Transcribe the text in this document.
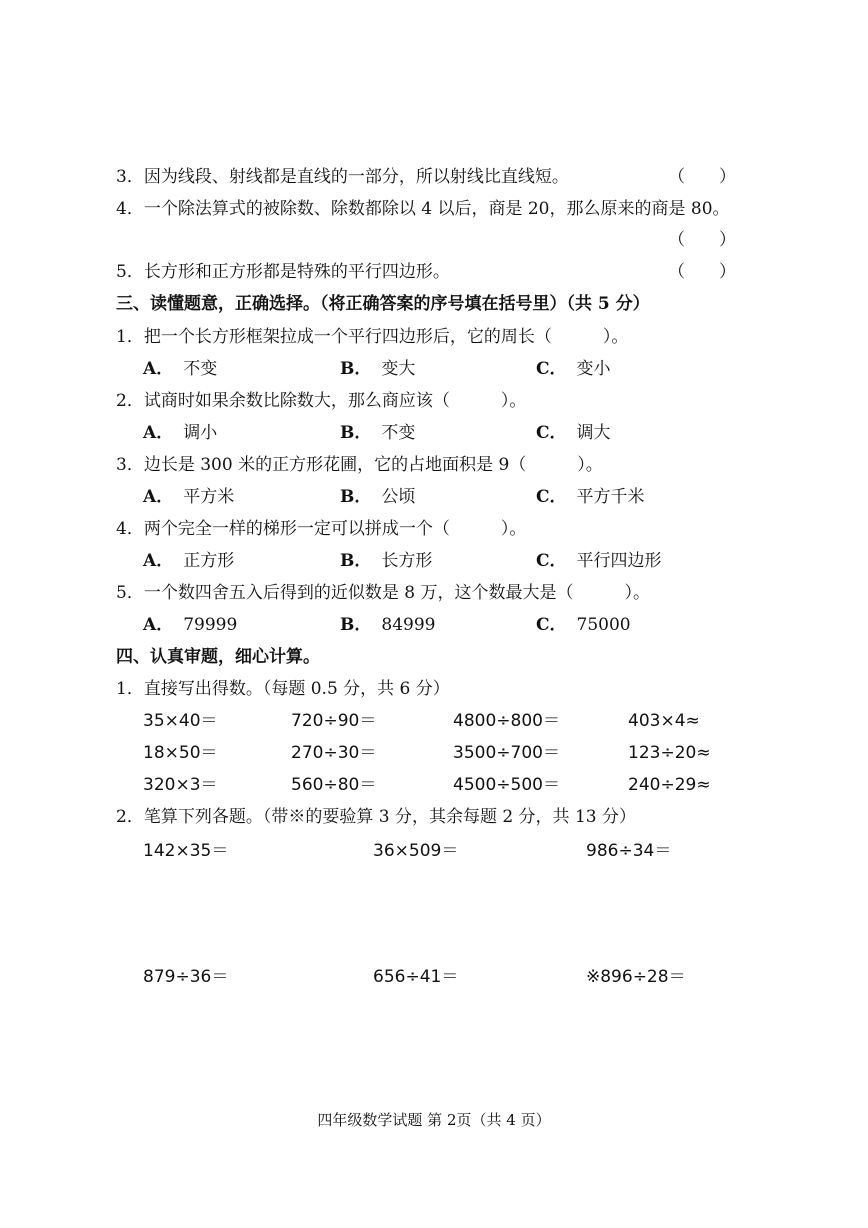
3．因为线段、射线都是直线的一部分，所以射线比直线短。	（　　）
4．一个除法算式的被除数、除数都除以 4 以后，商是 20，那么原来的商是 80。
（　　）
5．长方形和正方形都是特殊的平行四边形。	（　　）
三、读懂题意，正确选择。（将正确答案的序号填在括号里）（共 5 分）
1．把一个长方形框架拉成一个平行四边形后，它的周长（　　　）。
A． 不变	B． 变大	C． 变小
2．试商时如果余数比除数大，那么商应该（　　　）。
A． 调小	B． 不变	C． 调大
3．边长是 300 米的正方形花圃，它的占地面积是 9（　　　）。
A． 平方米	B． 公顷	C． 平方千米
4．两个完全一样的梯形一定可以拼成一个（　　　）。
A． 正方形	B． 长方形	C． 平行四边形
5．一个数四舍五入后得到的近似数是 8 万，这个数最大是（　　　）。
A． 79999	B． 84999	C． 75000
四、认真审题，细心计算。
1．直接写出得数。（每题 0.5 分，共 6 分）
35×40＝	720÷90＝	4800÷800＝	403×4≈
18×50＝	270÷30＝	3500÷700＝	123÷20≈
320×3＝	560÷80＝	4500÷500＝	240÷29≈
2．笔算下列各题。（带※的要验算 3 分，其余每题 2 分，共 13 分）
142×35＝	36×509＝	986÷34＝
879÷36＝	656÷41＝	※896÷28＝
四年级数学试题 第 2页（共 4 页）
